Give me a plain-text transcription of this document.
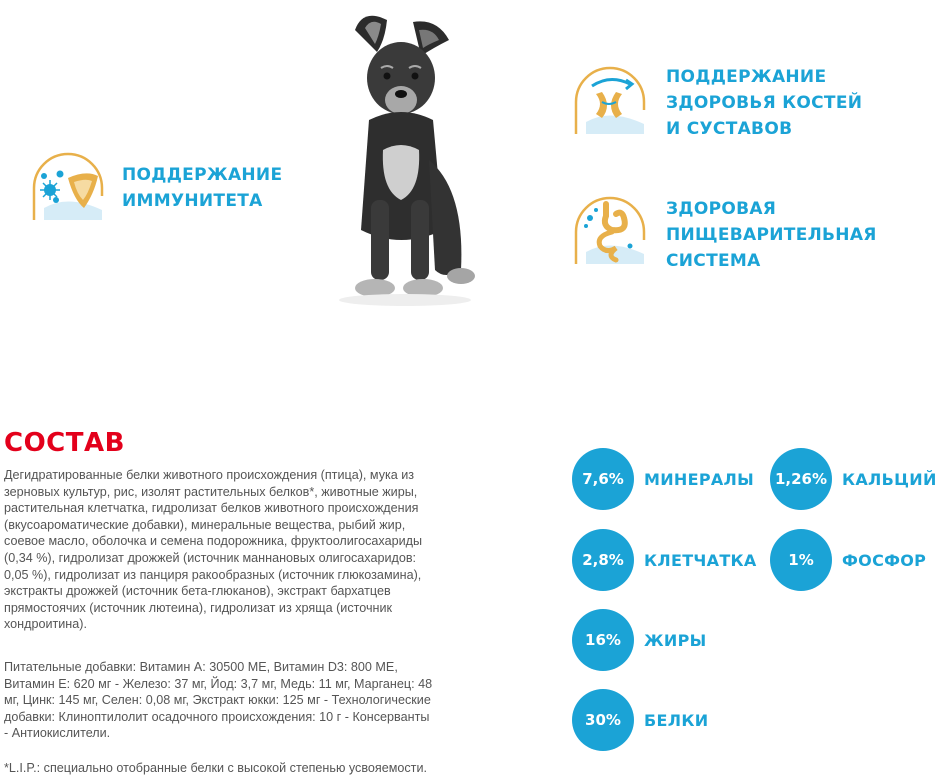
ПОДДЕРЖАНИЕ
ИММУНИТЕТА
ПОДДЕРЖАНИЕ
ЗДОРОВЬЯ КОСТЕЙ
И СУСТАВОВ
ЗДОРОВАЯ
ПИЩЕВАРИТЕЛЬНАЯ
СИСТЕМА
СОСТАВ
Дегидратированные белки животного происхождения (птица), мука из
зерновых культур, рис, изолят растительных белков*, животные жиры,
растительная клетчатка, гидролизат белков животного происхождения
(вкусоароматические добавки), минеральные вещества, рыбий жир,
соевое масло, оболочка и семена подорожника, фруктоолигосахариды
(0,34 %), гидролизат дрожжей (источник маннановых олигосахаридов:
0,05 %), гидролизат из панциря ракообразных (источник глюкозамина),
экстракты дрожжей (источник бета-глюканов), экстракт бархатцев
прямостоячих (источник лютеина), гидролизат из хряща (источник
хондроитина).
Питательные добавки: Витамин А: 30500 МЕ, Витамин D3: 800 МЕ,
Витамин Е: 620 мг - Железо: 37 мг, Йод: 3,7 мг, Медь: 11 мг, Марганец: 48
мг, Цинк: 145 мг, Селен: 0,08 мг, Экстракт юкки: 125 мг - Технологические
добавки: Клиноптилолит осадочного происхождения: 10 г - Консерванты
- Антиокислители.
*L.I.P.: специально отобранные белки с высокой степенью усвояемости.
7,6%	МИНЕРАЛЫ	1,26% КАЛЬЦИЙ
2,8%	КЛЕТЧАТКА	1%	ФОСФОР
16%	ЖИРЫ
30%	БЕЛКИ
